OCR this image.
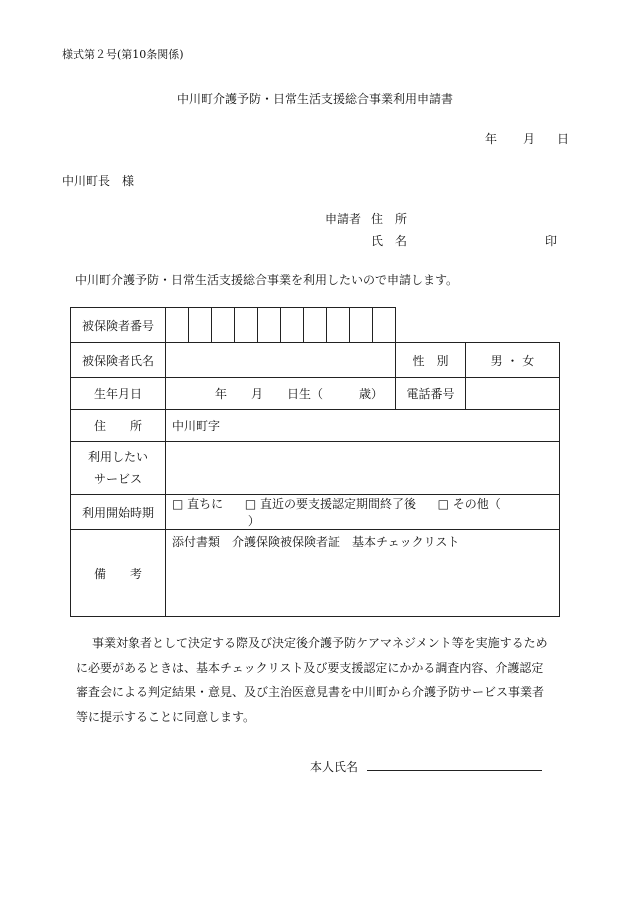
様式第２号(第10条関係)
中川町介護予防・日常生活支援総合事業利用申請書
年 月 日
中川町長　様
申請者 住　所
氏　名	印
中川町介護予防・日常生活支援総合事業を利用したいので申請します。
被保険者番号												
被保険者氏名											性　別	男 ・ 女
生年月日	年　　月　　日生（　　　歳）										電話番号	
住　　所	中川町字											

利用したい
サービス												

利用開始時期	□ 直ちに □ 直近の要支援認定期間終了後 □ その他（  ）											
備　　考	添付書類　介護保険被保険者証　基本チェックリスト											

事業対象者として決定する際及び決定後介護予防ケアマネジメント等を実施するため

に必要があるときは、基本チェックリスト及び要支援認定にかかる調査内容、介護認定

審査会による判定結果・意見、及び主治医意見書を中川町から介護予防サービス事業者

等に提示することに同意します。

本人氏名
